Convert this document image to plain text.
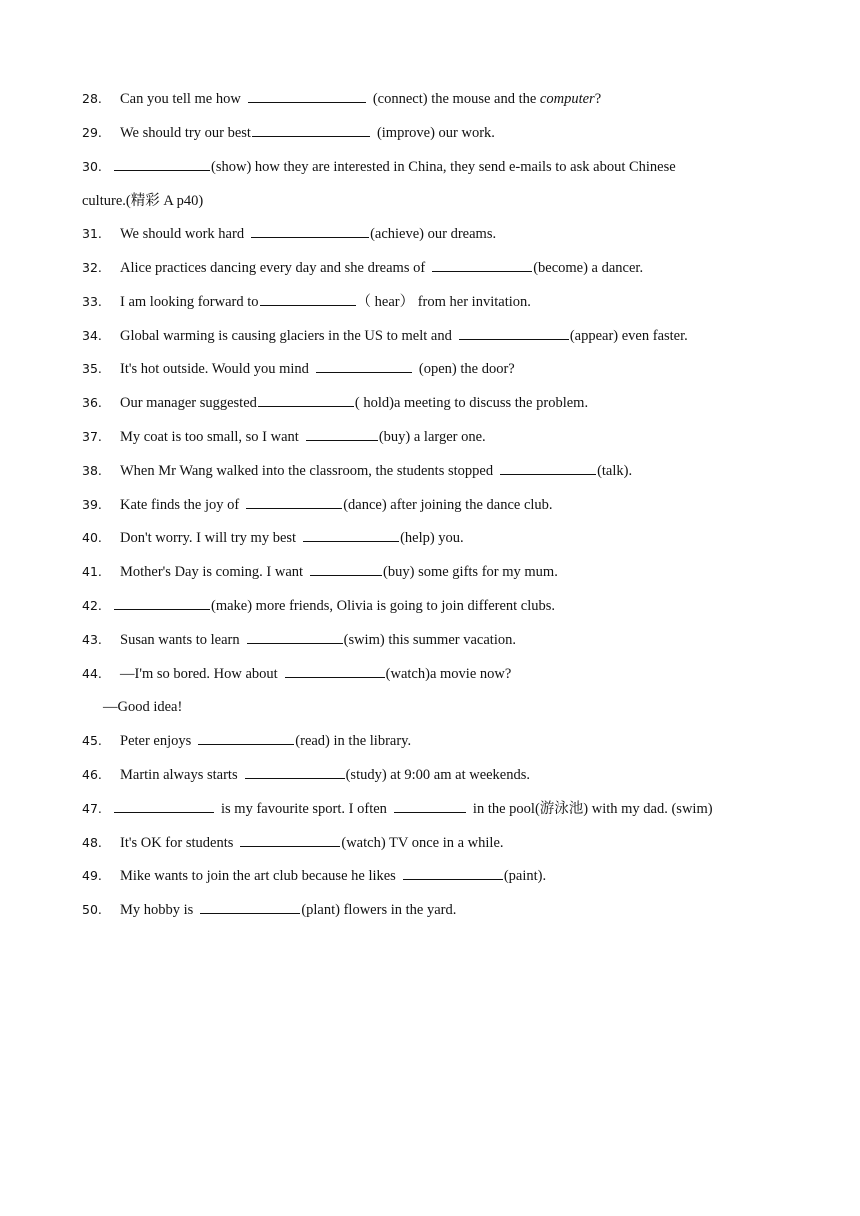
28. Can you tell me how	(connect) the mouse and the computer?
29. We should try our best	(improve) our work.
30.	(show) how they are interested in China, they send e-mails to ask about Chinese
culture.(精彩 A p40)
31. We should work hard	(achieve) our dreams.
32. Alice practices dancing every day and she dreams of	(become) a dancer.
33. I am looking forward to	（ hear） from her invitation.
34. Global warming is causing glaciers in the US to melt and	(appear) even faster.
35. It's hot outside. Would you mind	(open) the door?
36. Our manager suggested	( hold)a meeting to discuss the problem.
37. My coat is too small, so I want	(buy) a larger one.
38. When Mr Wang walked into the classroom, the students stopped	(talk).
39. Kate finds the joy of	(dance) after joining the dance club.
40. Don't worry. I will try my best	(help) you.
41. Mother's Day is coming. I want	(buy) some gifts for my mum.
42.	(make) more friends, Olivia is going to join different clubs.
43. Susan wants to learn	(swim) this summer vacation.
44. —I'm so bored. How about	(watch)a movie now?
—Good idea!
45. Peter enjoys	(read) in the library.
46. Martin always starts	(study) at 9:00 am at weekends.
47.	is my favourite sport. I often	in the pool(游泳池) with my dad. (swim)
48. It's OK for students	(watch) TV once in a while.
49. Mike wants to join the art club because he likes	(paint).
50. My hobby is	(plant) flowers in the yard.
